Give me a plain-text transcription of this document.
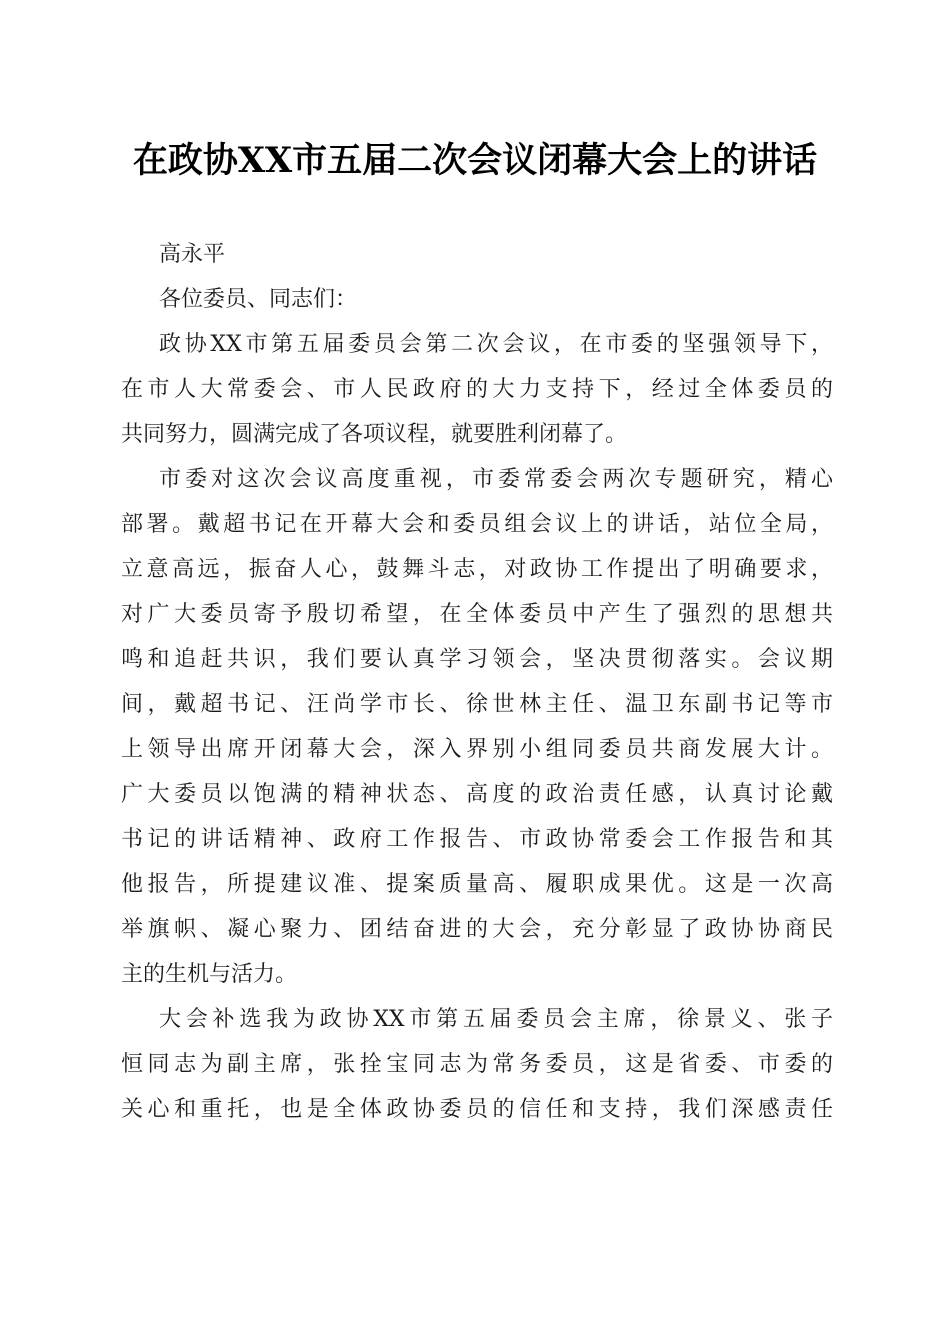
在政协XX市五届二次会议闭幕大会上的讲话
高永平
各位委员、同志们：
政协XX市第五届委员会第二次会议，在市委的坚强领导下，
在市人大常委会、市人民政府的大力支持下，经过全体委员的
共同努力，圆满完成了各项议程，就要胜利闭幕了。
市委对这次会议高度重视，市委常委会两次专题研究，精心
部署。戴超书记在开幕大会和委员组会议上的讲话，站位全局，
立意高远，振奋人心，鼓舞斗志，对政协工作提出了明确要求，
对广大委员寄予殷切希望，在全体委员中产生了强烈的思想共
鸣和追赶共识，我们要认真学习领会，坚决贯彻落实。会议期
间，戴超书记、汪尚学市长、徐世林主任、温卫东副书记等市
上领导出席开闭幕大会，深入界别小组同委员共商发展大计。
广大委员以饱满的精神状态、高度的政治责任感，认真讨论戴
书记的讲话精神、政府工作报告、市政协常委会工作报告和其
他报告，所提建议准、提案质量高、履职成果优。这是一次高
举旗帜、凝心聚力、团结奋进的大会，充分彰显了政协协商民
主的生机与活力。
大会补选我为政协XX市第五届委员会主席，徐景义、张子
恒同志为副主席，张拴宝同志为常务委员，这是省委、市委的
关心和重托，也是全体政协委员的信任和支持，我们深感责任
